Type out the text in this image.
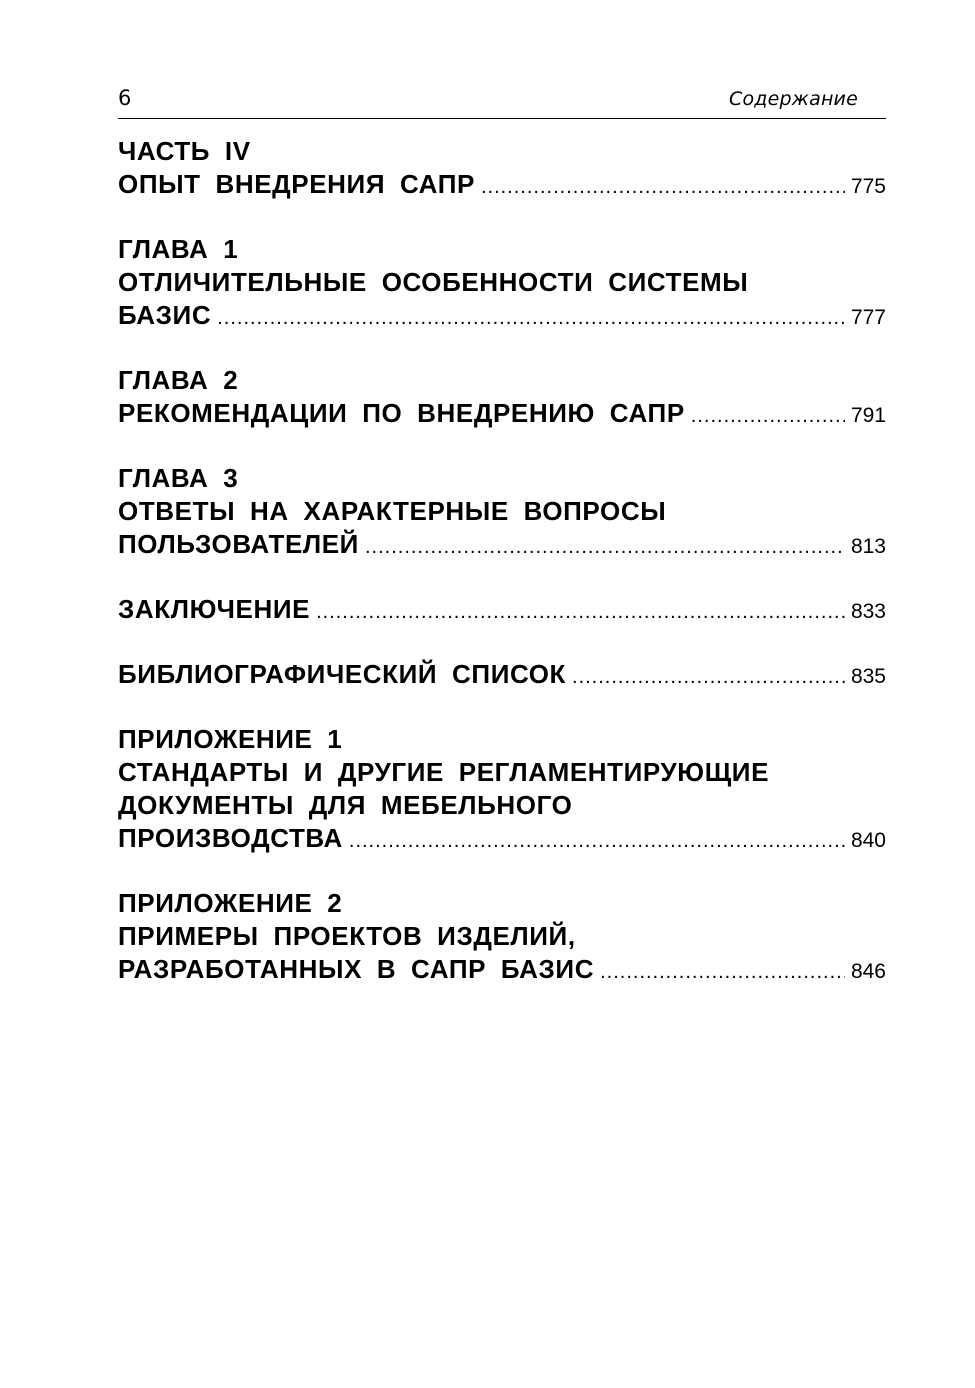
6	Содержание
ЧАСТЬ IV
ОПЫТ ВНЕДРЕНИЯ САПР .....	775
ГЛАВА 1
ОТЛИЧИТЕЛЬНЫЕ ОСОБЕННОСТИ СИСТЕМЫ
БАЗИС .....	777
ГЛАВА 2
РЕКОМЕНДАЦИИ ПО ВНЕДРЕНИЮ САПР .....	791
ГЛАВА 3
ОТВЕТЫ НА ХАРАКТЕРНЫЕ ВОПРОСЫ
ПОЛЬЗОВАТЕЛЕЙ .....	813
ЗАКЛЮЧЕНИЕ .....	833
БИБЛИОГРАФИЧЕСКИЙ СПИСОК .....	835
ПРИЛОЖЕНИЕ 1
СТАНДАРТЫ И ДРУГИЕ РЕГЛАМЕНТИРУЮЩИЕ
ДОКУМЕНТЫ ДЛЯ МЕБЕЛЬНОГО
ПРОИЗВОДСТВА .....	840
ПРИЛОЖЕНИЕ 2
ПРИМЕРЫ ПРОЕКТОВ ИЗДЕЛИЙ,
РАЗРАБОТАННЫХ В САПР БАЗИС .....	846
